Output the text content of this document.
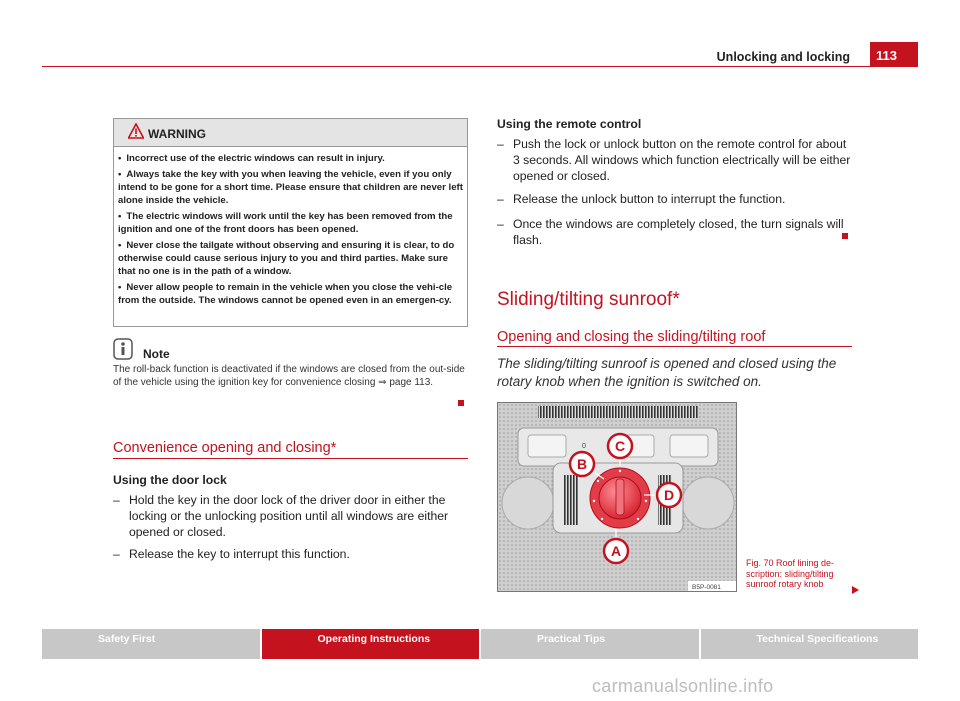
Unlocking and locking	113
WARNING

• Incorrect use of the electric windows can result in injury.

• Always take the key with you when leaving the vehicle, even if you only intend to be gone for a short time. Please ensure that children are never left alone inside the vehicle.

• The electric windows will work until the key has been removed from the ignition and one of the front doors has been opened.

• Never close the tailgate without observing and ensuring it is clear, to do otherwise could cause serious injury to you and third parties. Make sure that no one is in the path of a window.

• Never allow people to remain in the vehicle when you close the vehi-cle from the outside. The windows cannot be opened even in an emergen-cy.

Note

The roll-back function is deactivated if the windows are closed from the out-side of the vehicle using the ignition key for convenience closing ⇒ page 113.

Convenience opening and closing*
Using the door lock
– Hold the key in the door lock of the driver door in either the locking or the unlocking position until all windows are either opened or closed.
– Release the key to interrupt this function.
Using the remote control
– Push the lock or unlock button on the remote control for about 3 seconds. All windows which function electrically will be either opened or closed.
– Release the unlock button to interrupt the function.
– Once the windows are completely closed, the turn signals will flash.
Sliding/tilting sunroof*
Opening and closing the sliding/tilting roof

The sliding/tilting sunroof is opened and closed using the rotary knob when the ignition is switched on.

0
B
C
D
A
B5P-0081

Fig. 70 Roof lining de-scription: sliding/tilting sunroof rotary knob

Safety First	Operating Instructions	Practical Tips	Technical Specifications
carmanualsonline.info
